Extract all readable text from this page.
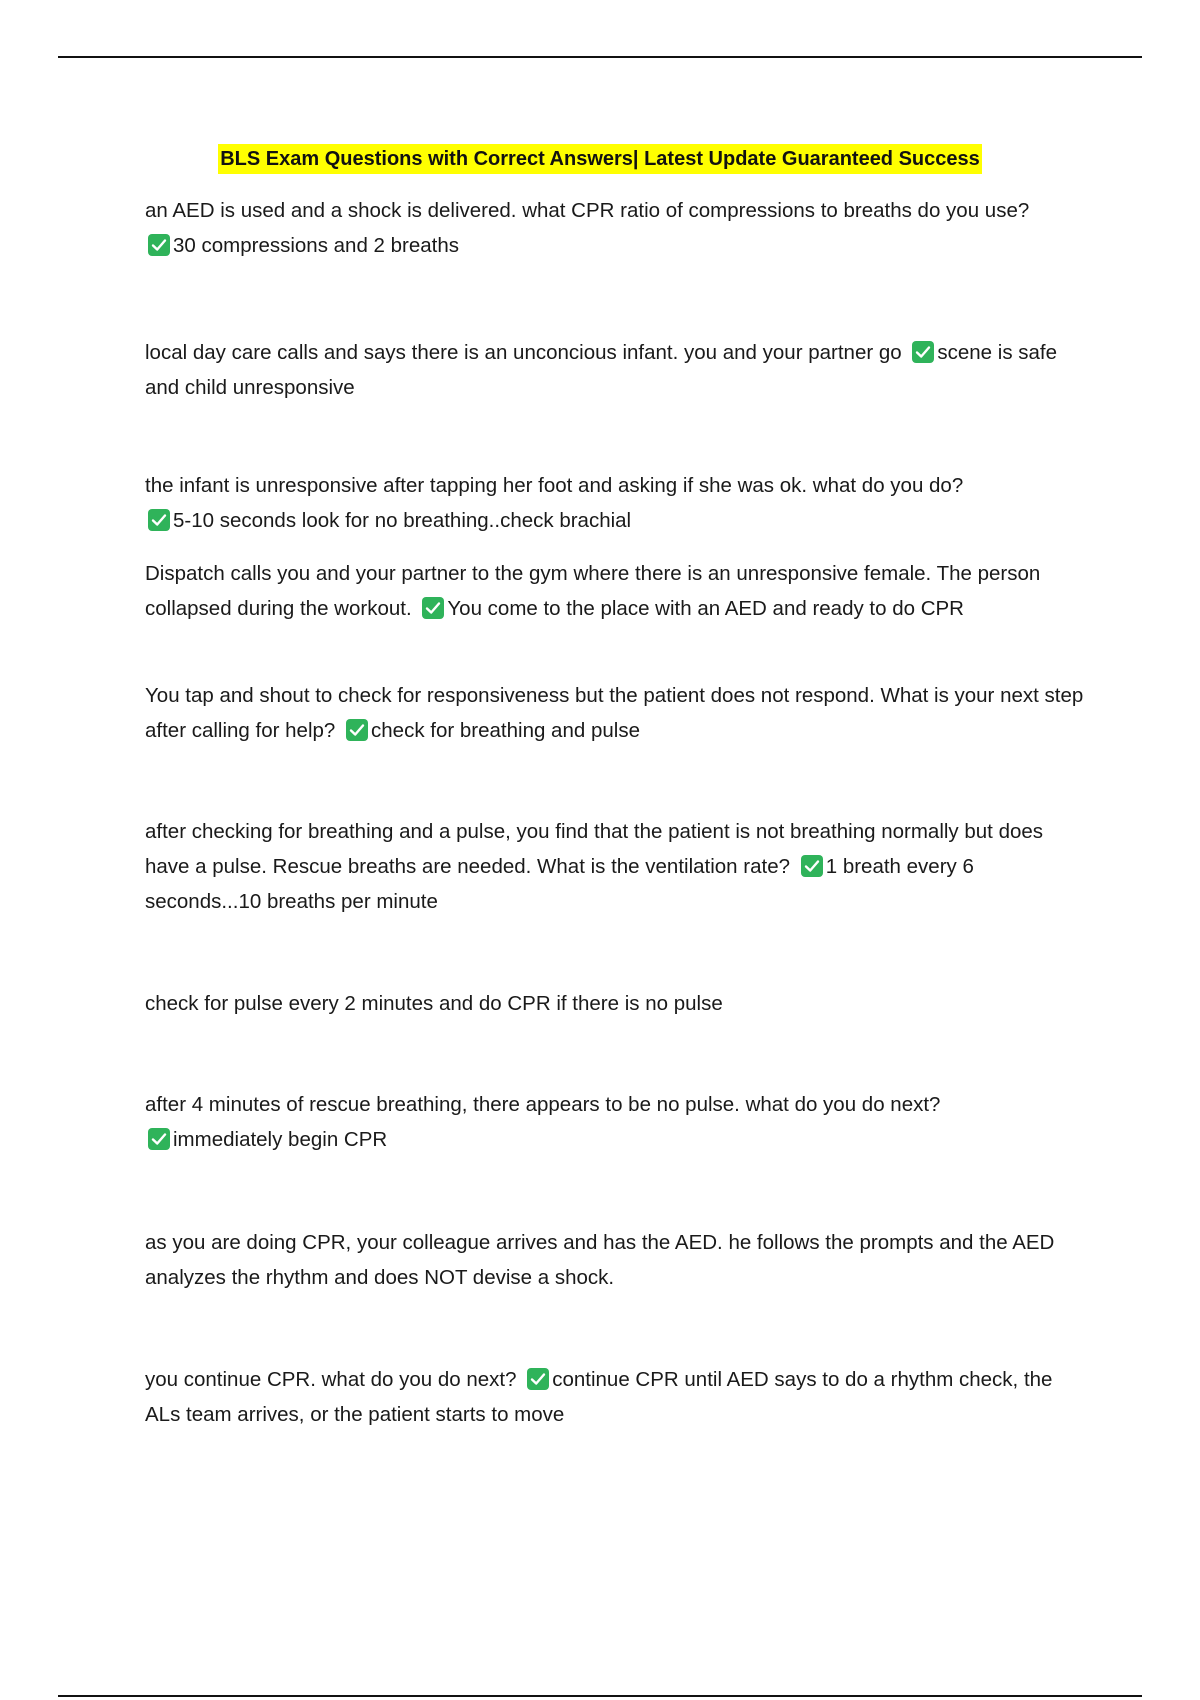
BLS Exam Questions with Correct Answers| Latest Update Guaranteed Success
an AED is used and a shock is delivered. what CPR ratio of compressions to breaths do you use?

30 compressions and 2 breaths
local day care calls and says there is an unconcious infant. you and your partner go scene is safe and child unresponsive
the infant is unresponsive after tapping her foot and asking if she was ok. what do you do?

5-10 seconds look for no breathing..check brachial
Dispatch calls you and your partner to the gym where there is an unresponsive female. The person collapsed during the workout. You come to the place with an AED and ready to do CPR
You tap and shout to check for responsiveness but the patient does not respond. What is your next step after calling for help? check for breathing and pulse
after checking for breathing and a pulse, you find that the patient is not breathing normally but does have a pulse. Rescue breaths are needed. What is the ventilation rate? 1 breath every 6 seconds...10 breaths per minute
check for pulse every 2 minutes and do CPR if there is no pulse
after 4 minutes of rescue breathing, there appears to be no pulse. what do you do next?

immediately begin CPR
as you are doing CPR, your colleague arrives and has the AED. he follows the prompts and the AED analyzes the rhythm and does NOT devise a shock.
you continue CPR. what do you do next? continue CPR until AED says to do a rhythm check, the ALs team arrives, or the patient starts to move
